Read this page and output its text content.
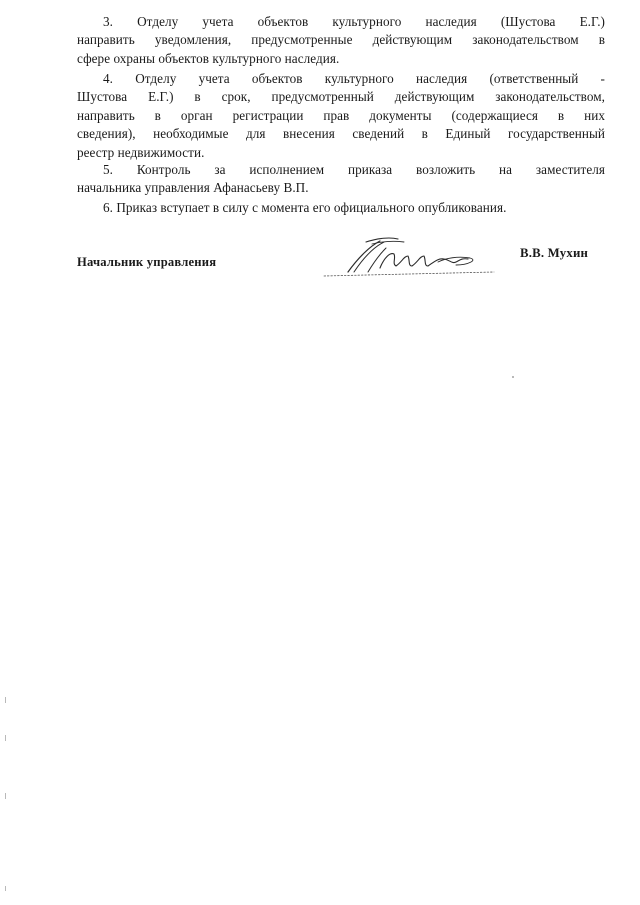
3. Отделу учета объектов культурного наследия (Шустова Е.Г.)
направить уведомления, предусмотренные действующим законодательством в
сфере охраны объектов культурного наследия.
4. Отделу учета объектов культурного наследия (ответственный -
Шустова Е.Г.) в срок, предусмотренный действующим законодательством,
направить в орган регистрации прав документы (содержащиеся в них
сведения), необходимые для внесения сведений в Единый государственный
реестр недвижимости.
5. Контроль за исполнением приказа возложить на заместителя
начальника управления Афанасьеву В.П.
6. Приказ вступает в силу с момента его официального опубликования.

Начальник управления

В.В. Мухин
